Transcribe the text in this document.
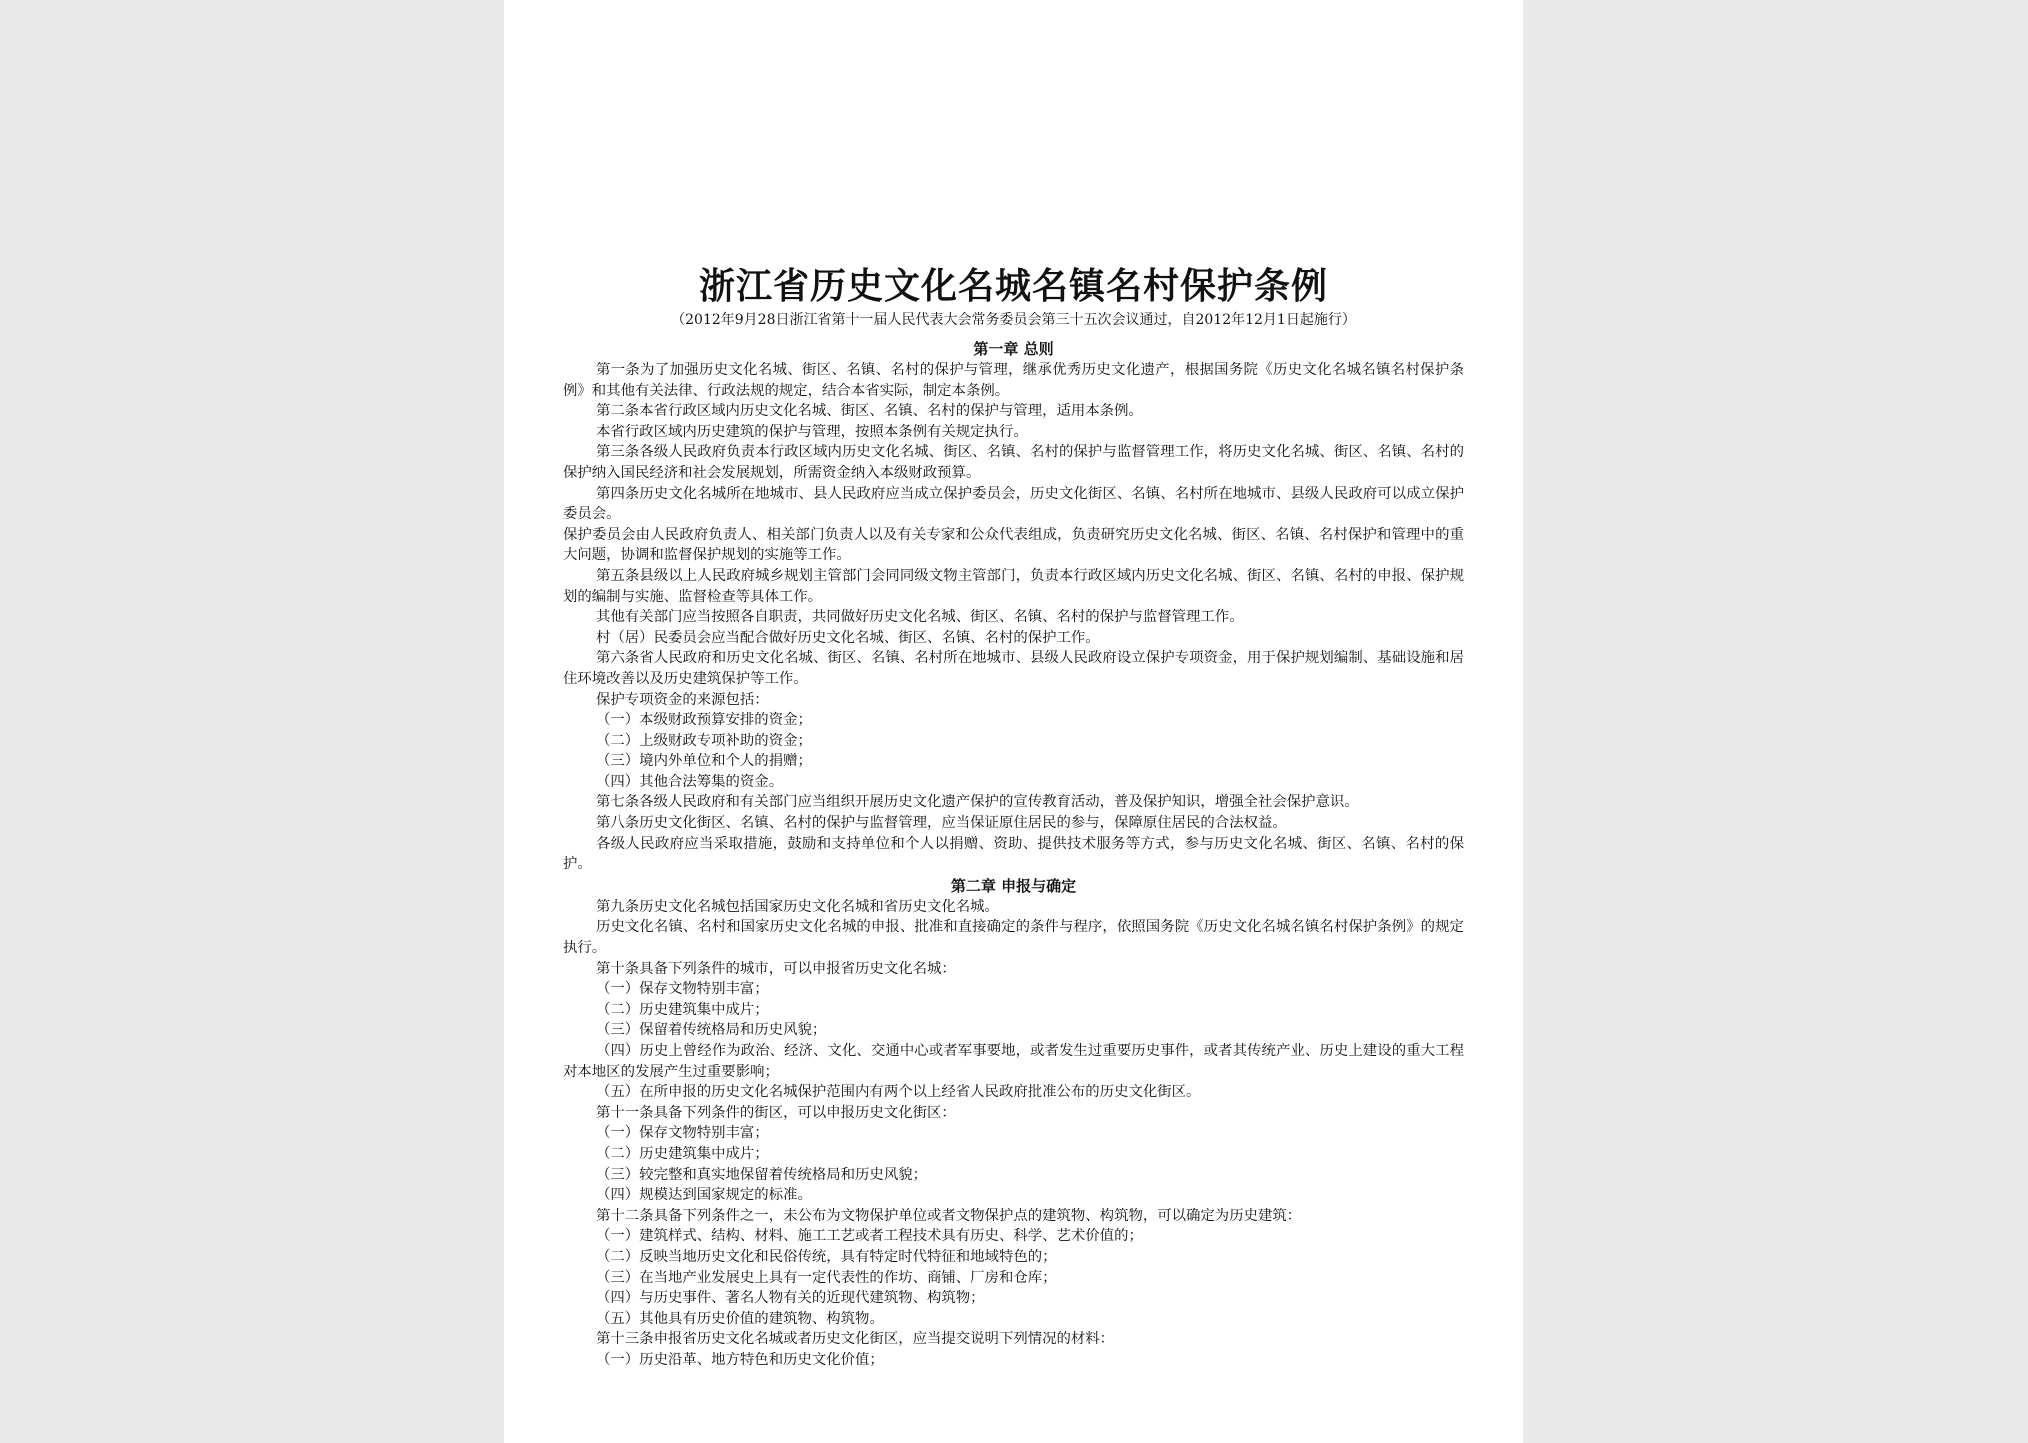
浙江省历史文化名城名镇名村保护条例
（2012年9月28日浙江省第十一届人民代表大会常务委员会第三十五次会议通过，自2012年12月1日起施行）
第一章 总则

第一条为了加强历史文化名城、街区、名镇、名村的保护与管理，继承优秀历史文化遗产，根据国务院《历史文化名城名镇名村保护条例》和其他有关法律、行政法规的规定，结合本省实际，制定本条例。

第二条本省行政区域内历史文化名城、街区、名镇、名村的保护与管理，适用本条例。

本省行政区域内历史建筑的保护与管理，按照本条例有关规定执行。

第三条各级人民政府负责本行政区域内历史文化名城、街区、名镇、名村的保护与监督管理工作，将历史文化名城、街区、名镇、名村的保护纳入国民经济和社会发展规划，所需资金纳入本级财政预算。

第四条历史文化名城所在地城市、县人民政府应当成立保护委员会，历史文化街区、名镇、名村所在地城市、县级人民政府可以成立保护委员会。

保护委员会由人民政府负责人、相关部门负责人以及有关专家和公众代表组成，负责研究历史文化名城、街区、名镇、名村保护和管理中的重大问题，协调和监督保护规划的实施等工作。

第五条县级以上人民政府城乡规划主管部门会同同级文物主管部门，负责本行政区域内历史文化名城、街区、名镇、名村的申报、保护规划的编制与实施、监督检查等具体工作。

其他有关部门应当按照各自职责，共同做好历史文化名城、街区、名镇、名村的保护与监督管理工作。

村（居）民委员会应当配合做好历史文化名城、街区、名镇、名村的保护工作。

第六条省人民政府和历史文化名城、街区、名镇、名村所在地城市、县级人民政府设立保护专项资金，用于保护规划编制、基础设施和居住环境改善以及历史建筑保护等工作。

保护专项资金的来源包括：

（一）本级财政预算安排的资金；

（二）上级财政专项补助的资金；

（三）境内外单位和个人的捐赠；

（四）其他合法筹集的资金。

第七条各级人民政府和有关部门应当组织开展历史文化遗产保护的宣传教育活动，普及保护知识，增强全社会保护意识。

第八条历史文化街区、名镇、名村的保护与监督管理，应当保证原住居民的参与，保障原住居民的合法权益。

各级人民政府应当采取措施，鼓励和支持单位和个人以捐赠、资助、提供技术服务等方式，参与历史文化名城、街区、名镇、名村的保护。

第二章 申报与确定

第九条历史文化名城包括国家历史文化名城和省历史文化名城。

历史文化名镇、名村和国家历史文化名城的申报、批准和直接确定的条件与程序，依照国务院《历史文化名城名镇名村保护条例》的规定执行。

第十条具备下列条件的城市，可以申报省历史文化名城：

（一）保存文物特别丰富；

（二）历史建筑集中成片；

（三）保留着传统格局和历史风貌；

（四）历史上曾经作为政治、经济、文化、交通中心或者军事要地，或者发生过重要历史事件，或者其传统产业、历史上建设的重大工程对本地区的发展产生过重要影响；

（五）在所申报的历史文化名城保护范围内有两个以上经省人民政府批准公布的历史文化街区。

第十一条具备下列条件的街区，可以申报历史文化街区：

（一）保存文物特别丰富；

（二）历史建筑集中成片；

（三）较完整和真实地保留着传统格局和历史风貌；

（四）规模达到国家规定的标准。

第十二条具备下列条件之一，未公布为文物保护单位或者文物保护点的建筑物、构筑物，可以确定为历史建筑：

（一）建筑样式、结构、材料、施工工艺或者工程技术具有历史、科学、艺术价值的；

（二）反映当地历史文化和民俗传统，具有特定时代特征和地域特色的；

（三）在当地产业发展史上具有一定代表性的作坊、商铺、厂房和仓库；

（四）与历史事件、著名人物有关的近现代建筑物、构筑物；

（五）其他具有历史价值的建筑物、构筑物。

第十三条申报省历史文化名城或者历史文化街区，应当提交说明下列情况的材料：

（一）历史沿革、地方特色和历史文化价值；
